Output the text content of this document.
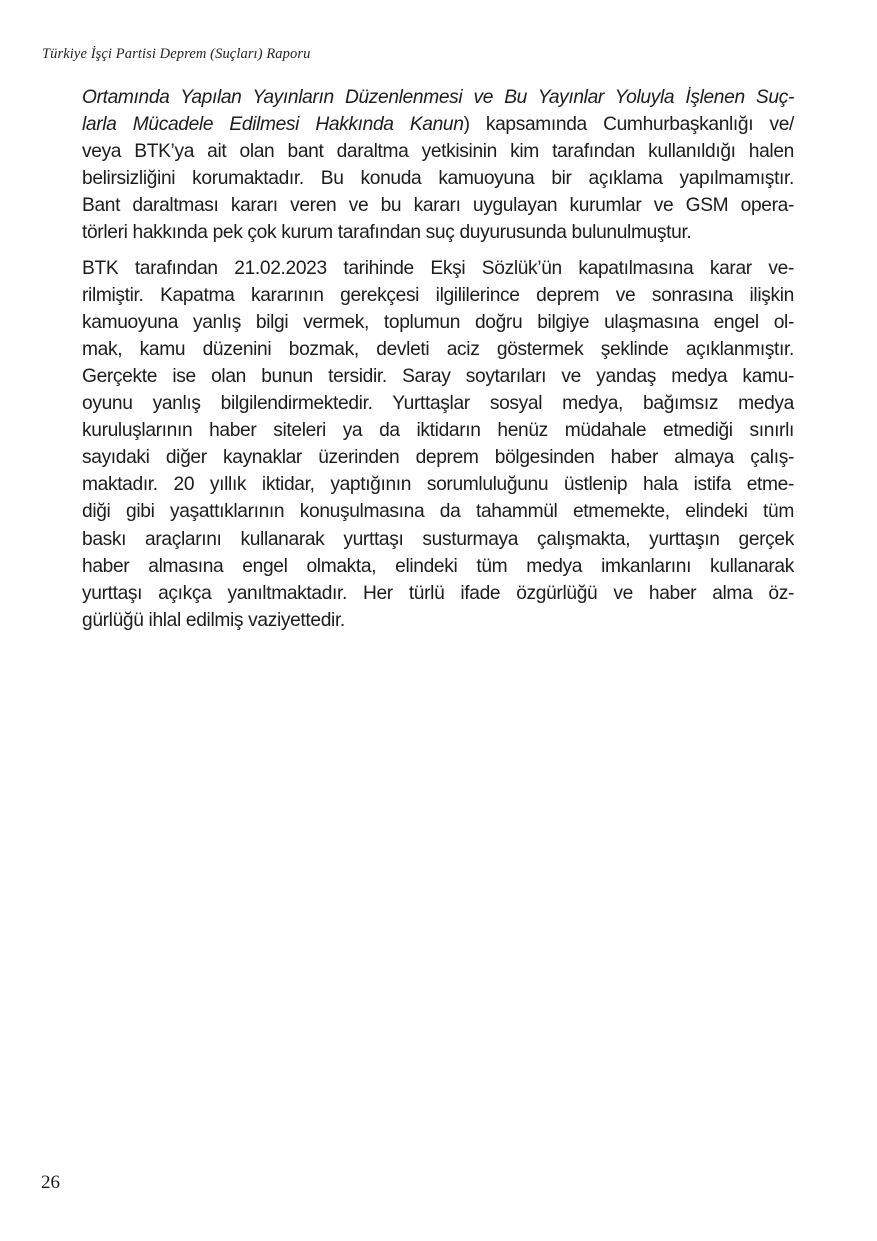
Türkiye İşçi Partisi Deprem (Suçları) Raporu
Ortamında Yapılan Yayınların Düzenlenmesi ve Bu Yayınlar Yoluyla İşlenen Suç-
larla Mücadele Edilmesi Hakkında Kanun) kapsamında Cumhurbaşkanlığı ve/
veya BTK’ya ait olan bant daraltma yetkisinin kim tarafından kullanıldığı halen
belirsizliğini korumaktadır. Bu konuda kamuoyuna bir açıklama yapılmamıştır.
Bant daraltması kararı veren ve bu kararı uygulayan kurumlar ve GSM opera-
törleri hakkında pek çok kurum tarafından suç duyurusunda bulunulmuştur.
BTK tarafından 21.02.2023 tarihinde Ekşi Sözlük’ün kapatılmasına karar ve-
rilmiştir. Kapatma kararının gerekçesi ilgililerince deprem ve sonrasına ilişkin
kamuoyuna yanlış bilgi vermek, toplumun doğru bilgiye ulaşmasına engel ol-
mak, kamu düzenini bozmak, devleti aciz göstermek şeklinde açıklanmıştır.
Gerçekte ise olan bunun tersidir. Saray soytarıları ve yandaş medya kamu-
oyunu yanlış bilgilendirmektedir. Yurttaşlar sosyal medya, bağımsız medya
kuruluşlarının haber siteleri ya da iktidarın henüz müdahale etmediği sınırlı
sayıdaki diğer kaynaklar üzerinden deprem bölgesinden haber almaya çalış-
maktadır. 20 yıllık iktidar, yaptığının sorumluluğunu üstlenip hala istifa etme-
diği gibi yaşattıklarının konuşulmasına da tahammül etmemekte, elindeki tüm
baskı araçlarını kullanarak yurttaşı susturmaya çalışmakta, yurttaşın gerçek
haber almasına engel olmakta, elindeki tüm medya imkanlarını kullanarak
yurttaşı açıkça yanıltmaktadır. Her türlü ifade özgürlüğü ve haber alma öz-
gürlüğü ihlal edilmiş vaziyettedir.
26
